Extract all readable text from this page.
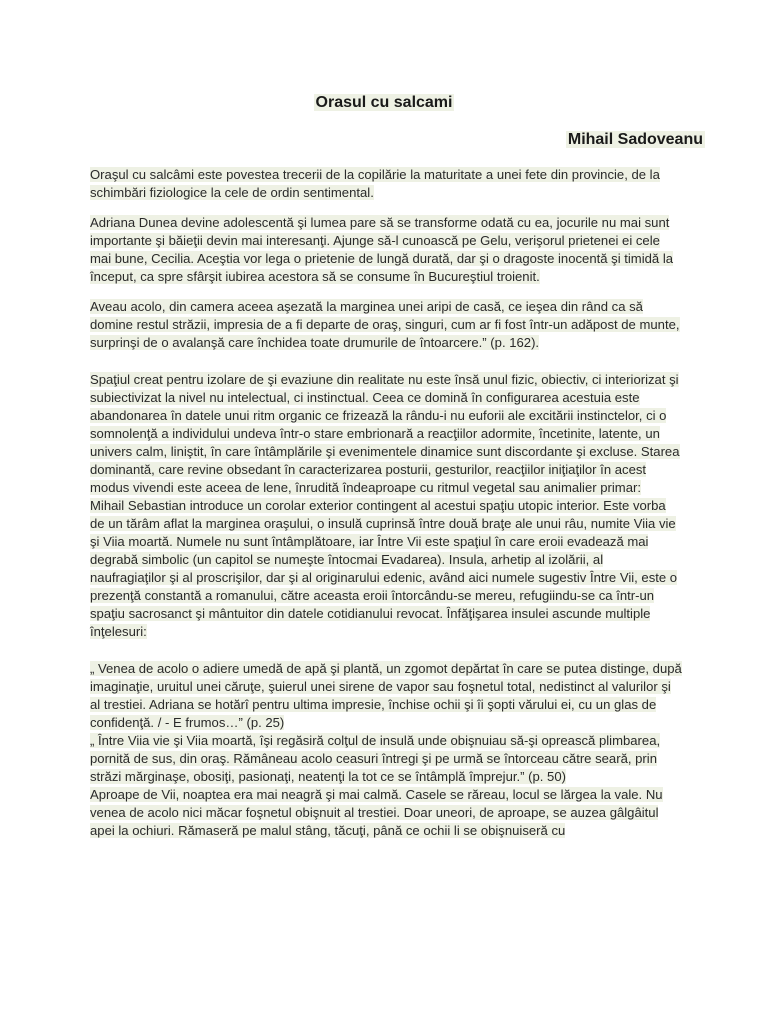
Orasul cu salcami
Mihail Sadoveanu

Oraşul cu salcâmi este povestea trecerii de la copilărie la maturitate a unei fete din provincie, de la schimbări fiziologice la cele de ordin sentimental.

Adriana Dunea devine adolescentă şi lumea pare să se transforme odată cu ea, jocurile nu mai sunt importante şi băieţii devin mai interesanţi. Ajunge să-l cunoască pe Gelu, verişorul prietenei ei cele mai bune, Cecilia. Aceştia vor lega o prietenie de lungă durată, dar şi o dragoste inocentă şi timidă la început, ca spre sfârşit iubirea acestora să se consume în Bucureştiul troienit.

Aveau acolo, din camera aceea aşezată la marginea unei aripi de casă, ce ieşea din rând ca să domine restul străzii, impresia de a fi departe de oraş, singuri, cum ar fi fost într-un adăpost de munte, surprinşi de o avalanşă care închidea toate drumurile de întoarcere.” (p. 162).

Spaţiul creat pentru izolare de şi evaziune din realitate nu este însă unul fizic, obiectiv, ci interiorizat şi subiectivizat la nivel nu intelectual, ci instinctual. Ceea ce domină în configurarea acestuia este abandonarea în datele unui ritm organic ce frizează la rându-i nu euforii ale excitării instinctelor, ci o somnolenţă a individului undeva într-o stare embrionară a reacţiilor adormite, încetinite, latente, un univers calm, liniştit, în care întâmplările şi evenimentele dinamice sunt discordante şi excluse. Starea dominantă, care revine obsedant în caracterizarea posturii, gesturilor, reacţiilor iniţiaţilor în acest modus vivendi este aceea de lene, înrudită îndeaproape cu ritmul vegetal sau animalier primar:

Mihail Sebastian introduce un corolar exterior contingent al acestui spaţiu utopic interior. Este vorba de un tărâm aflat la marginea oraşului, o insulă cuprinsă între două braţe ale unui râu, numite Viia vie şi Viia moartă. Numele nu sunt întâmplătoare, iar Între Vii este spaţiul în care eroii evadează mai degrabă simbolic (un capitol se numeşte întocmai Evadarea). Insula, arhetip al izolării, al naufragiaţilor şi al proscrişilor, dar şi al originarului edenic, având aici numele sugestiv Între Vii, este o prezenţă constantă a romanului, către aceasta eroii întorcându-se mereu, refugiindu-se ca într-un spaţiu sacrosanct şi mântuitor din datele cotidianului revocat. Înfăţişarea insulei ascunde multiple înţelesuri:

„ Venea de acolo o adiere umedă de apă şi plantă, un zgomot depărtat în care se putea distinge, după imaginaţie, uruitul unei căruţe, şuierul unei sirene de vapor sau foşnetul total, nedistinct al valurilor şi al trestiei. Adriana se hotărî pentru ultima impresie, închise ochii şi îi şopti vărului ei, cu un glas de confidenţă. / - E frumos…” (p. 25)

„ Între Viia vie şi Viia moartă, îşi regăsiră colţul de insulă unde obişnuiau să-şi oprească plimbarea, pornită de sus, din oraş. Rămâneau acolo ceasuri întregi şi pe urmă se întorceau către seară, prin străzi mărginaşe, obosiţi, pasionaţi, neatenţi la tot ce se întâmplă împrejur.” (p. 50)

Aproape de Vii, noaptea era mai neagră şi mai calmă. Casele se răreau, locul se lărgea la vale. Nu venea de acolo nici măcar foşnetul obişnuit al trestiei. Doar uneori, de aproape, se auzea gâlgâitul apei la ochiuri. Rămaseră pe malul stâng, tăcuţi, până ce ochii li se obişnuiseră cu
